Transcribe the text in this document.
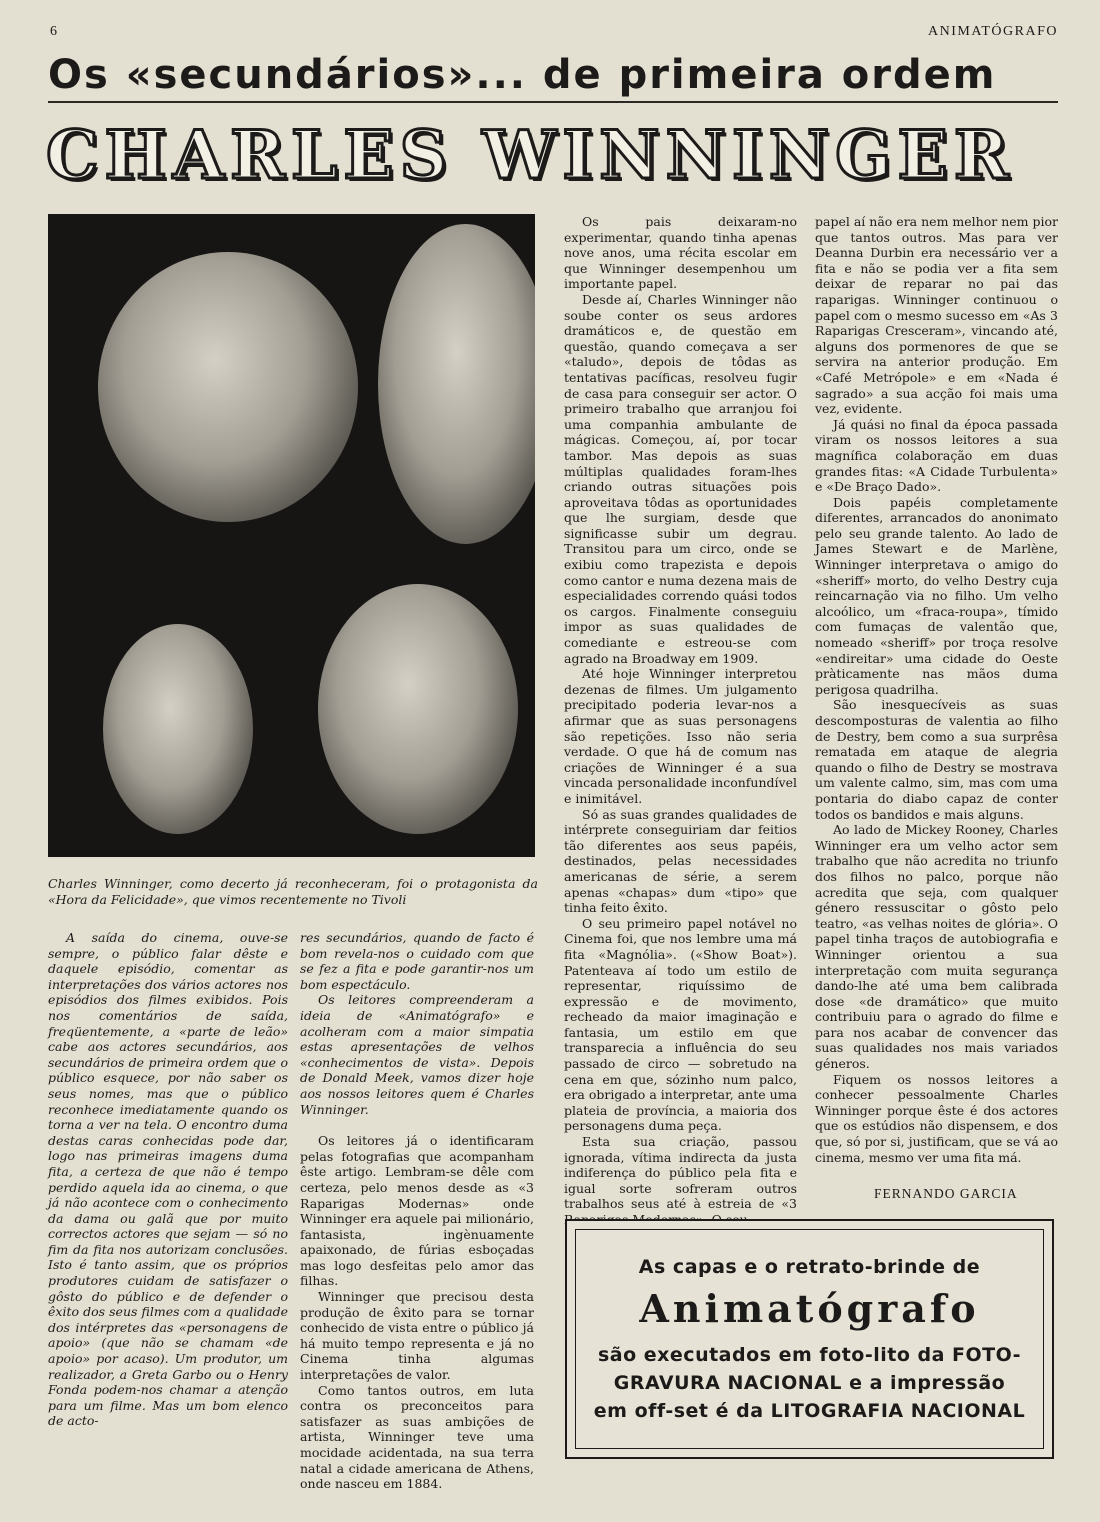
6	ANIMATÓGRAFO
Os «secundários»... de primeira ordem
CHARLES WINNINGER
Charles Winninger, como decerto já reconheceram, foi o protagonista da «Hora da Felicidade», que vimos recentemente no Tivoli

A saída do cinema, ouve-se sempre, o público falar dêste e daquele episódio, comentar as interpretações dos vários actores nos episódios dos filmes exibidos. Pois nos comentários de saída, freqüentemente, a «parte de leão» cabe aos actores secundários, aos secundários de primeira ordem que o público esquece, por não saber os seus nomes, mas que o público reconhece imediatamente quando os torna a ver na tela. O encontro duma destas caras conhecidas pode dar, logo nas primeiras imagens duma fita, a certeza de que não é tempo perdido aquela ida ao cinema, o que já não acontece com o conhecimento da dama ou galã que por muito correctos actores que sejam — só no fim da fita nos autorizam conclusões. Isto é tanto assim, que os próprios produtores cuidam de satisfazer o gôsto do público e de defender o êxito dos seus filmes com a qualidade dos intérpretes das «personagens de apoio» (que não se chamam «de apoio» por acaso). Um produtor, um realizador, a Greta Garbo ou o Henry Fonda podem-nos chamar a atenção para um filme. Mas um bom elenco de acto-

res secundários, quando de facto é bom revela-nos o cuidado com que se fez a fita e pode garantir-nos um bom espectáculo.

Os leitores compreenderam a ideia de «Animatógrafo» e acolheram com a maior simpatia estas apresentações de velhos «conhecimentos de vista». Depois de Donald Meek, vamos dizer hoje aos nossos leitores quem é Charles Winninger.

Os leitores já o identificaram pelas fotografias que acompanham êste artigo. Lembram-se dêle com certeza, pelo menos desde as «3 Raparigas Modernas» onde Winninger era aquele pai milionário, fantasista, ingènuamente apaixonado, de fúrias esboçadas mas logo desfeitas pelo amor das filhas.

Winninger que precisou desta produção de êxito para se tornar conhecido de vista entre o público já há muito tempo representa e já no Cinema tinha algumas interpretações de valor.

Como tantos outros, em luta contra os preconceitos para satisfazer as suas ambições de artista, Winninger teve uma mocidade acidentada, na sua terra natal a cidade americana de Athens, onde nasceu em 1884.

Os pais deixaram-no experimentar, quando tinha apenas nove anos, uma récita escolar em que Winninger desempenhou um importante papel.

Desde aí, Charles Winninger não soube conter os seus ardores dramáticos e, de questão em questão, quando começava a ser «taludo», depois de tôdas as tentativas pacíficas, resolveu fugir de casa para conseguir ser actor. O primeiro trabalho que arranjou foi uma companhia ambulante de mágicas. Começou, aí, por tocar tambor. Mas depois as suas múltiplas qualidades foram-lhes criando outras situações pois aproveitava tôdas as oportunidades que lhe surgiam, desde que significasse subir um degrau. Transitou para um circo, onde se exibiu como trapezista e depois como cantor e numa dezena mais de especialidades correndo quási todos os cargos. Finalmente conseguiu impor as suas qualidades de comediante e estreou-se com agrado na Broadway em 1909.

Até hoje Winninger interpretou dezenas de filmes. Um julgamento precipitado poderia levar-nos a afirmar que as suas personagens são repetições. Isso não seria verdade. O que há de comum nas criações de Winninger é a sua vincada personalidade inconfundível e inimitável.

Só as suas grandes qualidades de intérprete conseguiriam dar feitios tão diferentes aos seus papéis, destinados, pelas necessidades americanas de série, a serem apenas «chapas» dum «tipo» que tinha feito êxito.

O seu primeiro papel notável no Cinema foi, que nos lembre uma má fita «Magnólia». («Show Boat»). Patenteava aí todo um estilo de representar, riquíssimo de expressão e de movimento, recheado da maior imaginação e fantasia, um estilo em que transparecia a influência do seu passado de circo — sobretudo na cena em que, sózinho num palco, era obrigado a interpretar, ante uma plateia de província, a maioria dos personagens duma peça.

Esta sua criação, passou ignorada, vítima indirecta da justa indiferença do público pela fita e igual sorte sofreram outros trabalhos seus até à estreia de «3

papel aí não era nem melhor nem pior que tantos outros. Mas para ver Deanna Durbin era necessário ver a fita e não se podia ver a fita sem deixar de reparar no pai das raparigas. Winninger continuou o papel com o mesmo sucesso em «As 3 Raparigas Cresceram», vincando até, alguns dos pormenores de que se servira na anterior produção. Em «Café Metrópole» e em «Nada é sagrado» a sua acção foi mais uma vez, evidente.

Já quási no final da época passada viram os nossos leitores a sua magnífica colaboração em duas grandes fitas: «A Cidade Turbulenta» e «De Braço Dado».

Dois papéis completamente diferentes, arrancados do anonimato pelo seu grande talento. Ao lado de James Stewart e de Marlène, Winninger interpretava o amigo do «sheriff» morto, do velho Destry cuja reincarnação via no filho. Um velho alcoólico, um «fraca-roupa», tímido com fumaças de valentão que, nomeado «sheriff» por troça resolve «endireitar» uma cidade do Oeste pràticamente nas mãos duma perigosa quadrilha.

São inesquecíveis as suas descomposturas de valentia ao filho de Destry, bem como a sua surprêsa rematada em ataque de alegria quando o filho de Destry se mostrava um valente calmo, sim, mas com uma pontaria do diabo capaz de conter todos os bandidos e mais alguns.

Ao lado de Mickey Rooney, Charles Winninger era um velho actor sem trabalho que não acredita no triunfo dos filhos no palco, porque não acredita que seja, com qualquer género ressuscitar o gôsto pelo teatro, «as velhas noites de glória». O papel tinha traços de autobiografia e Winninger orientou a sua interpretação com muita segurança dando-lhe até uma bem calibrada dose «de dramático» que muito contribuiu para o agrado do filme e para nos acabar de convencer das suas qualidades nos mais variados géneros.

Fiquem os nossos leitores a conhecer pessoalmente Charles Winninger porque êste é dos actores que os estúdios não dispensem, e dos que, só por si, justificam, que se vá ao cinema, mesmo ver uma fita má.

FERNANDO GARCIA
As capas e o retrato-brinde de
Animatógrafo
são executados em foto-lito da FOTO-
GRAVURA NACIONAL e a impressão
em off-set é da LITOGRAFIA NACIONAL
